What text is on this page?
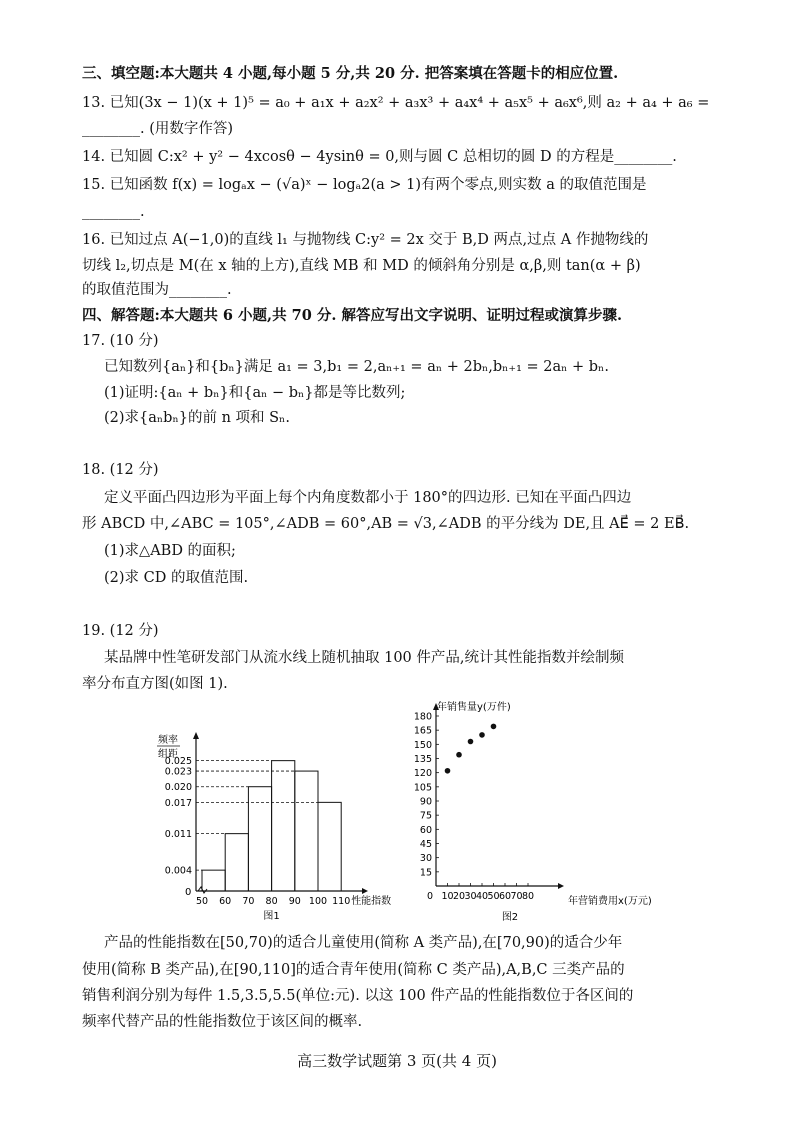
三、填空题:本大题共 4 小题,每小题 5 分,共 20 分. 把答案填在答题卡的相应位置.
13. 已知(3x − 1)(x + 1)⁵ = a₀ + a₁x + a₂x² + a₃x³ + a₄x⁴ + a₅x⁵ + a₆x⁶,则 a₂ + a₄ + a₆ =
________. (用数字作答)
14. 已知圆 C:x² + y² − 4xcosθ − 4ysinθ = 0,则与圆 C 总相切的圆 D 的方程是________.
15. 已知函数 f(x) = logₐx − (√a)ˣ − logₐ2(a > 1)有两个零点,则实数 a 的取值范围是
________.
16. 已知过点 A(−1,0)的直线 l₁ 与抛物线 C:y² = 2x 交于 B,D 两点,过点 A 作抛物线的
切线 l₂,切点是 M(在 x 轴的上方),直线 MB 和 MD 的倾斜角分别是 α,β,则 tan(α + β)
的取值范围为________.
四、解答题:本大题共 6 小题,共 70 分. 解答应写出文字说明、证明过程或演算步骤.
17. (10 分)
已知数列{aₙ}和{bₙ}满足 a₁ = 3,b₁ = 2,aₙ₊₁ = aₙ + 2bₙ,bₙ₊₁ = 2aₙ + bₙ.
(1)证明:{aₙ + bₙ}和{aₙ − bₙ}都是等比数列;
(2)求{aₙbₙ}的前 n 项和 Sₙ.
18. (12 分)
定义平面凸四边形为平面上每个内角度数都小于 180°的四边形. 已知在平面凸四边
形 ABCD 中,∠ABC = 105°,∠ADB = 60°,AB = √3,∠ADB 的平分线为 DE,且 AE⃗ = 2 EB⃗.
(1)求△ABD 的面积;
(2)求 CD 的取值范围.
19. (12 分)
某品牌中性笔研发部门从流水线上随机抽取 100 件产品,统计其性能指数并绘制频
率分布直方图(如图 1).
频率
组距
0
0.025
0.023
0.020
0.017
0.011
0.004
50 60 70 80 90 100 110 性能指数
图1
年销售量y(万件)
0
15
30
45
60
75
90
105
120
135
150
165
180
10 20 30 40 50 60 70 80	年营销费用x(万元)
图2
产品的性能指数在[50,70)的适合儿童使用(简称 A 类产品),在[70,90)的适合少年
使用(简称 B 类产品),在[90,110]的适合青年使用(简称 C 类产品),A,B,C 三类产品的
销售利润分别为每件 1.5,3.5,5.5(单位:元). 以这 100 件产品的性能指数位于各区间的
频率代替产品的性能指数位于该区间的概率.
高三数学试题第 3 页(共 4 页)
